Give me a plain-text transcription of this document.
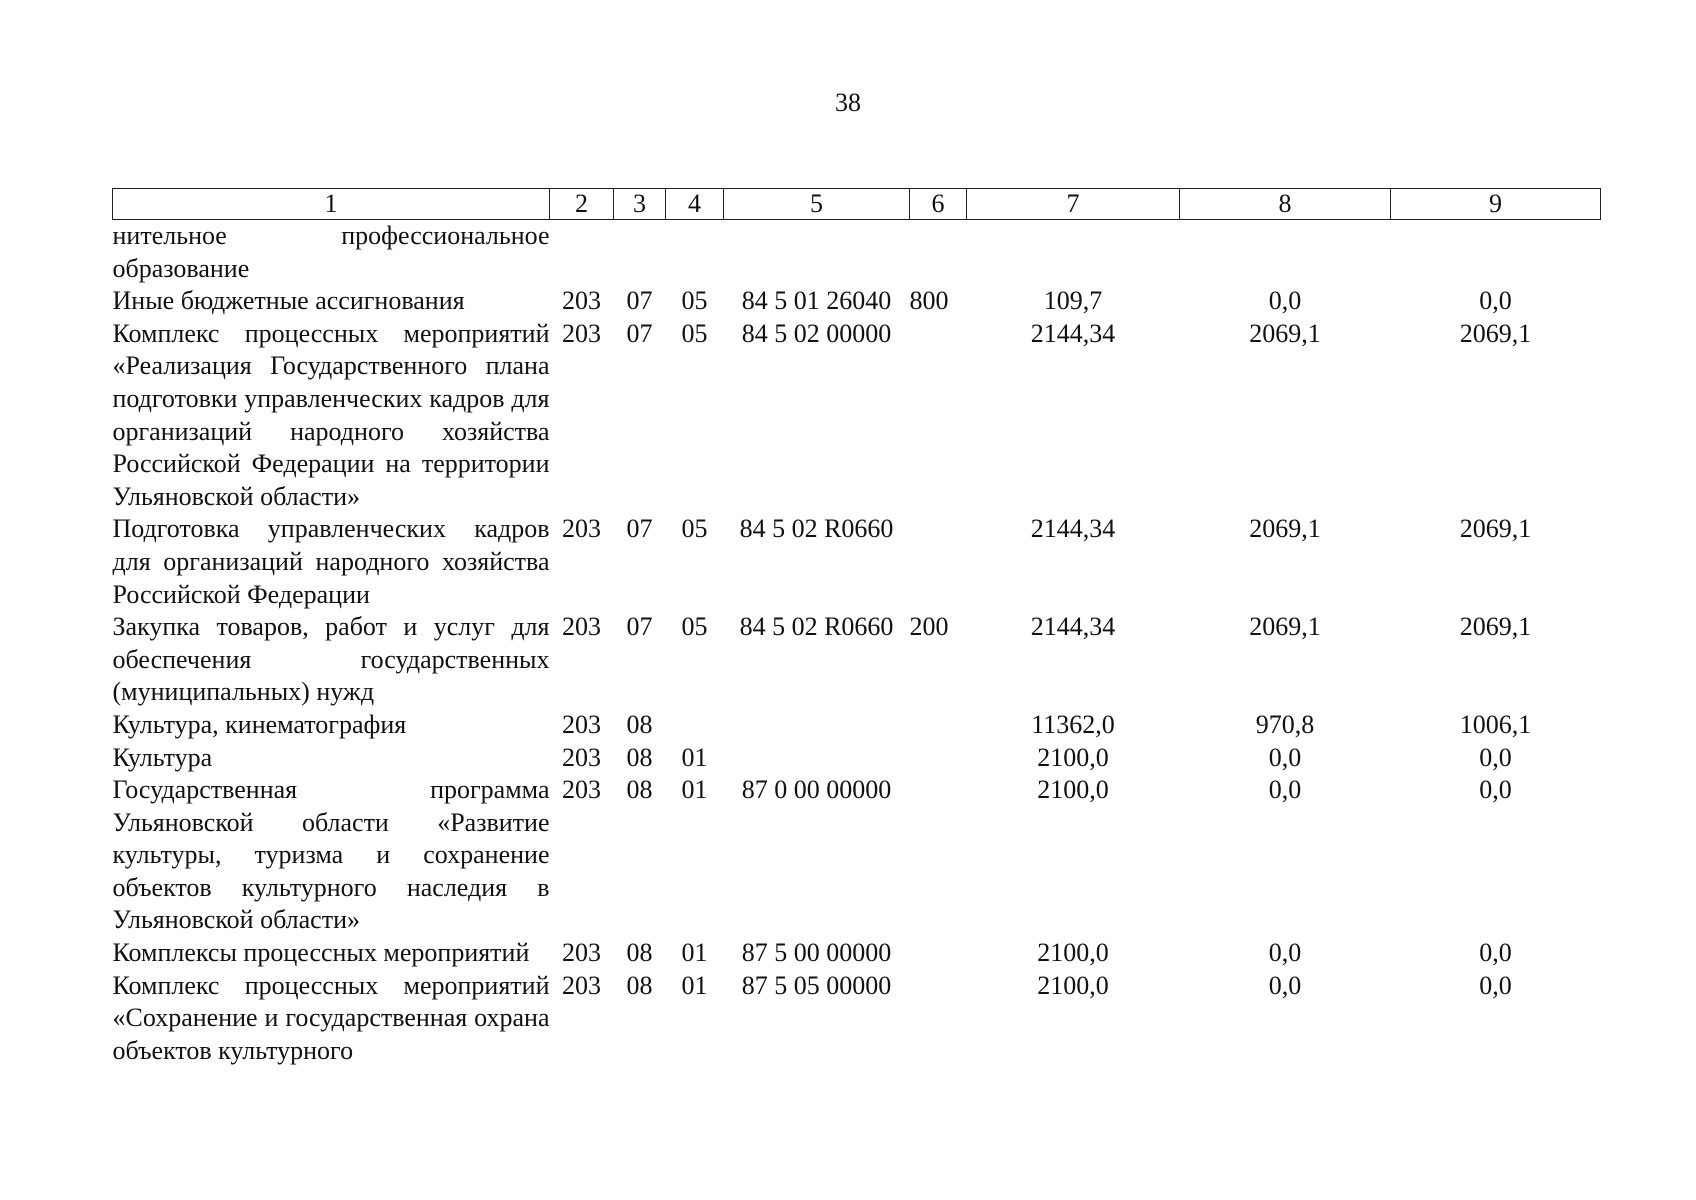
38
1	2	3	4	5	6	7	8	9
нительное профессиональное образование								
Иные бюджетные ассигнования	203	07	05	84 5 01 26040	800	109,7	0,0	0,0
Комплекс процессных мероприятий «Реализация Государственного плана подготовки управленческих кадров для организаций народного хозяйства Российской Федерации на территории Ульяновской области»	203	07	05	84 5 02 00000		2144,34	2069,1	2069,1
Подготовка управленческих кадров для организаций народного хозяйства Российской Федерации	203	07	05	84 5 02 R0660		2144,34	2069,1	2069,1
Закупка товаров, работ и услуг для обеспечения государственных (муниципальных) нужд	203	07	05	84 5 02 R0660	200	2144,34	2069,1	2069,1
Культура, кинематография	203	08				11362,0	970,8	1006,1
Культура	203	08	01			2100,0	0,0	0,0
Государственная программа Ульяновской области «Развитие культуры, туризма и сохранение объектов культурного наследия в Ульяновской области»	203	08	01	87 0 00 00000		2100,0	0,0	0,0
Комплексы процессных мероприятий	203	08	01	87 5 00 00000		2100,0	0,0	0,0
Комплекс процессных мероприятий «Сохранение и государственная охрана объектов культурного	203	08	01	87 5 05 00000		2100,0	0,0	0,0
